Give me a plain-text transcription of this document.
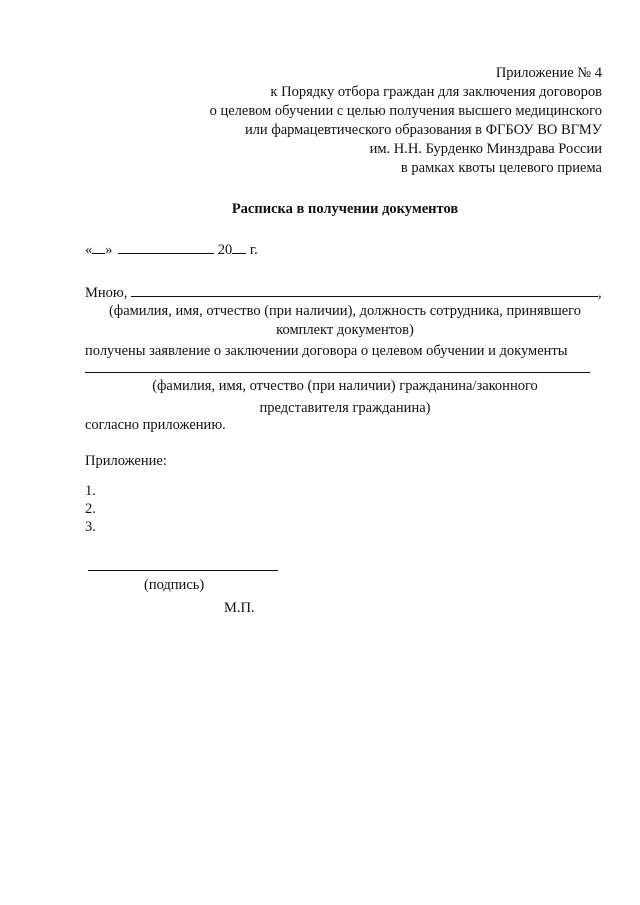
Приложение № 4
к Порядку отбора граждан для заключения договоров
о целевом обучении с целью получения высшего медицинского
или фармацевтического образования в ФГБОУ ВО ВГМУ
им. Н.Н. Бурденко Минздрава России
в рамках квоты целевого приема
Расписка в получении документов
« »	20 г.
Мною,	,
(фамилия, имя, отчество (при наличии), должность сотрудника, принявшего комплект документов)
получены заявление о заключении договора о целевом обучении и документы
(фамилия, имя, отчество (при наличии) гражданина/законного
представителя гражданина)
согласно приложению.
Приложение:
1.
2.
3.
(подпись)
М.П.
